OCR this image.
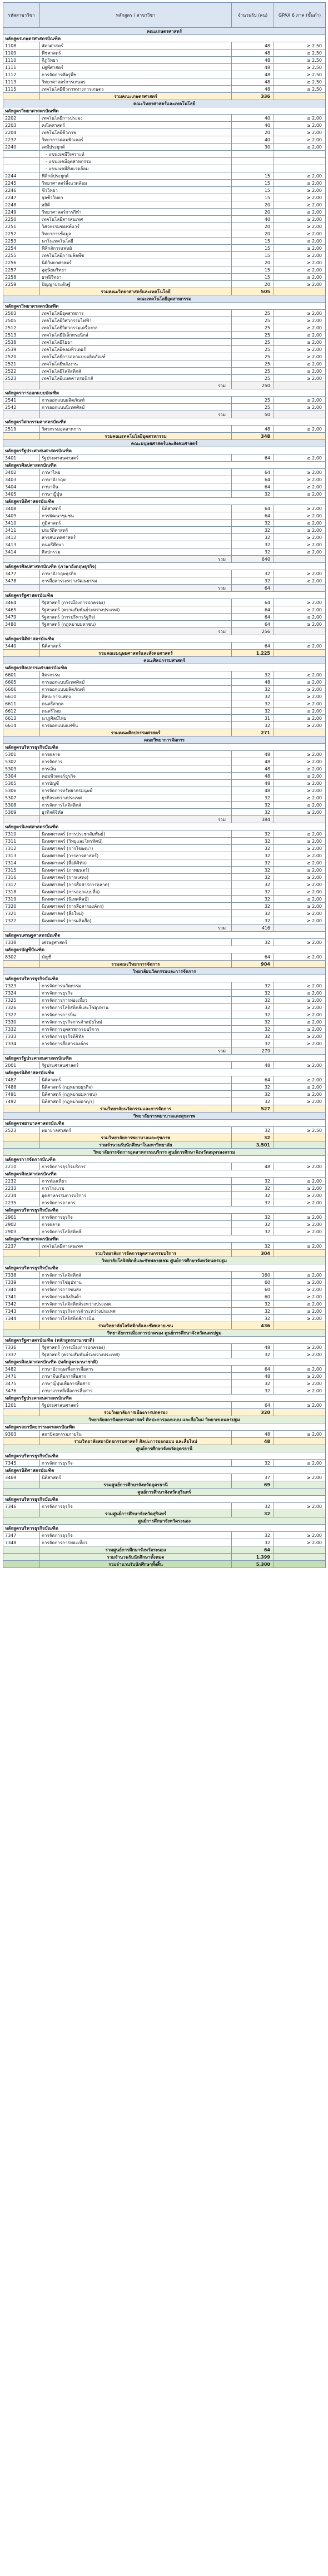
รหัสสาขาวิชา	หลักสูตร / สาขาวิชา	จำนวนรับ (คน)	GPAX 6 ภาค (ขั้นต่ำ)
คณะเกษตรศาสตร์			
หลักสูตรเกษตรศาสตรบัณฑิต			
1108	สัตวศาสตร์	48	≥ 2.50
1109	พืชศาสตร์	48	≥ 2.50
1110	กีฏวิทยา	48	≥ 2.50
1111	ปฐพีศาสตร์	48	≥ 2.50
1112	การจัดการศัตรูพืช	48	≥ 2.50
1113	วิทยาศาสตร์การเกษตร	48	≥ 2.50
1115	เทคโนโลยีชีวภาพทางการเกษตร	48	≥ 2.50
	รวมคณะเกษตรศาสตร์	336	
คณะวิทยาศาสตร์และเทคโนโลยี			
หลักสูตรวิทยาศาสตรบัณฑิต			
2202	เทคโนโลยีการประมง	40	≥ 2.00
2203	คณิตศาสตร์	40	≥ 2.00
2204	เทคโนโลยีชีวภาพ	20	≥ 2.00
2237	วิทยาการคอมพิวเตอร์	40	≥ 2.00
2240	เคมีประยุกต์	30	≥ 2.00
	- แขนงเคมีวิเคราะห์		
	- แขนงเคมีอุตสาหกรรม		
	- แขนงเคมีสิ่งแวดล้อม		
2244	ฟิสิกส์ประยุกต์	15	≥ 2.00
2245	วิทยาศาสตร์สิ่งแวดล้อม	15	≥ 2.00
2246	ชีววิทยา	15	≥ 2.00
2247	จุลชีววิทยา	15	≥ 2.00
2248	สถิติ	20	≥ 2.00
2249	วิทยาศาสตร์การกีฬา	20	≥ 2.00
2250	เทคโนโลยีสารสนเทศ	40	≥ 2.00
2251	วิศวกรรมซอฟต์แวร์	20	≥ 2.00
2252	วิทยาการข้อมูล	20	≥ 2.00
2253	นาโนเทคโนโลยี	15	≥ 2.00
2254	ฟิสิกส์การแพทย์	15	≥ 2.00
2255	เทคโนโลยีการผลิตพืช	15	≥ 2.00
2256	นิติวิทยาศาสตร์	20	≥ 2.00
2257	อุตุนิยมวิทยา	15	≥ 2.00
2258	ธรณีวิทยา	15	≥ 2.00
2259	ปัญญาประดิษฐ์	20	≥ 2.00
	รวมคณะวิทยาศาสตร์และเทคโนโลยี	505	
คณะเทคโนโลยีอุตสาหกรรม			
หลักสูตรวิทยาศาสตรบัณฑิต			
2503	เทคโนโลยีอุตสาหการ	25	≥ 2.00
2505	เทคโนโลยีวิศวกรรมไฟฟ้า	25	≥ 2.00
2512	เทคโนโลยีวิศวกรรมเครื่องกล	25	≥ 2.00
2513	เทคโนโลยีอิเล็กทรอนิกส์	25	≥ 2.00
2538	เทคโนโลยีโยธา	25	≥ 2.00
2539	เทคโนโลยีคอมพิวเตอร์	25	≥ 2.00
2520	เทคโนโลยีการออกแบบผลิตภัณฑ์	25	≥ 2.00
2521	เทคโนโลยีพลังงาน	25	≥ 2.00
2522	เทคโนโลยีโลจิสติกส์	25	≥ 2.00
2523	เทคโนโลยีแมคคาทรอนิกส์	25	≥ 2.00
	รวม	250	
หลักสูตรการออกแบบบัณฑิต			
2541	การออกแบบผลิตภัณฑ์	25	≥ 2.00
2542	การออกแบบนิเทศศิลป์	25	≥ 2.00
	รวม	50	
หลักสูตรวิศวกรรมศาสตรบัณฑิต			
2519	วิศวกรรมอุตสาหการ	48	≥ 2.00
	รวมคณะเทคโนโลยีอุตสาหกรรม	348	
คณะมนุษยศาสตร์และสังคมศาสตร์			
หลักสูตรรัฐประศาสนศาสตรบัณฑิต			
3401	รัฐประศาสนศาสตร์	64	≥ 2.00
หลักสูตรศิลปศาสตรบัณฑิต			
3402	ภาษาไทย	64	≥ 2.00
3403	ภาษาอังกฤษ	64	≥ 2.00
3404	ภาษาจีน	64	≥ 2.00
3405	ภาษาญี่ปุ่น	32	≥ 2.00
หลักสูตรนิติศาสตรบัณฑิต			
3408	นิติศาสตร์	64	≥ 2.00
3409	การพัฒนาชุมชน	64	≥ 2.00
3410	ภูมิศาสตร์	32	≥ 2.00
3411	ประวัติศาสตร์	32	≥ 2.00
3412	สารสนเทศศาสตร์	32	≥ 2.00
3413	ดนตรีศึกษา	32	≥ 2.00
3414	ศิลปกรรม	32	≥ 2.00
	รวม	640	
หลักสูตรศิลปศาสตรบัณฑิต (ภาษาอังกฤษธุรกิจ)			
3477	ภาษาอังกฤษธุรกิจ	32	≥ 2.00
3478	การสื่อสารระหว่างวัฒนธรรม	32	≥ 2.00
	รวม	64	
หลักสูตรรัฐศาสตรบัณฑิต			
3464	รัฐศาสตร์ (การเมืองการปกครอง)	64	≥ 2.00
3465	รัฐศาสตร์ (ความสัมพันธ์ระหว่างประเทศ)	64	≥ 2.00
3479	รัฐศาสตร์ (การบริหารรัฐกิจ)	64	≥ 2.00
3480	รัฐศาสตร์ (กฎหมายมหาชน)	64	≥ 2.00
	รวม	256	
หลักสูตรนิติศาสตรบัณฑิต			
3440	นิติศาสตร์	64	≥ 2.00
	รวมคณะมนุษยศาสตร์และสังคมศาสตร์	1,225	
คณะศิลปกรรมศาสตร์			
หลักสูตรศิลปกรรมศาสตรบัณฑิต			
6601	จิตรกรรม	32	≥ 2.00
6605	การออกแบบนิเทศศิลป์	48	≥ 2.00
6606	การออกแบบผลิตภัณฑ์	32	≥ 2.00
6610	ศิลปะการแสดง	32	≥ 2.00
6611	ดนตรีสากล	32	≥ 2.00
6612	ดนตรีไทย	32	≥ 2.00
6613	นาฏศิลป์ไทย	31	≥ 2.00
6614	การออกแบบแฟชั่น	32	≥ 2.00
	รวมคณะศิลปกรรมศาสตร์	271	
คณะวิทยาการจัดการ			
หลักสูตรบริหารธุรกิจบัณฑิต			
5301	การตลาด	48	≥ 2.00
5302	การจัดการ	48	≥ 2.00
5303	การเงิน	48	≥ 2.00
5304	คอมพิวเตอร์ธุรกิจ	48	≥ 2.00
5305	การบัญชี	48	≥ 2.00
5306	การจัดการทรัพยากรมนุษย์	48	≥ 2.00
5307	ธุรกิจระหว่างประเทศ	32	≥ 2.00
5308	การจัดการโลจิสติกส์	32	≥ 2.00
5309	ธุรกิจดิจิทัล	32	≥ 2.00
	รวม	384	
หลักสูตรนิเทศศาสตรบัณฑิต			
7310	นิเทศศาสตร์ (การประชาสัมพันธ์)	32	≥ 2.00
7311	นิเทศศาสตร์ (วิทยุและโทรทัศน์)	32	≥ 2.00
7312	นิเทศศาสตร์ (การโฆษณา)	32	≥ 2.00
7313	นิเทศศาสตร์ (วารสารศาสตร์)	32	≥ 2.00
7314	นิเทศศาสตร์ (สื่อดิจิทัล)	32	≥ 2.00
7315	นิเทศศาสตร์ (ภาพยนตร์)	32	≥ 2.00
7316	นิเทศศาสตร์ (การแสดง)	32	≥ 2.00
7317	นิเทศศาสตร์ (การสื่อสารการตลาด)	32	≥ 2.00
7318	นิเทศศาสตร์ (การออกแบบสื่อ)	32	≥ 2.00
7319	นิเทศศาสตร์ (นิเทศศิลป์)	32	≥ 2.00
7320	นิเทศศาสตร์ (การสื่อสารองค์กร)	32	≥ 2.00
7321	นิเทศศาสตร์ (สื่อใหม่)	32	≥ 2.00
7322	นิเทศศาสตร์ (การผลิตสื่อ)	32	≥ 2.00
	รวม	416	
หลักสูตรเศรษฐศาสตรบัณฑิต			
7338	เศรษฐศาสตร์	32	≥ 2.00
หลักสูตรบัญชีบัณฑิต			
8302	บัญชี	64	≥ 2.00
	รวมคณะวิทยาการจัดการ	904	
วิทยาลัยนวัตกรรมและการจัดการ			
หลักสูตรบริหารธุรกิจบัณฑิต			
7323	การจัดการนวัตกรรม	32	≥ 2.00
7324	การจัดการธุรกิจ	32	≥ 2.00
7325	การจัดการการท่องเที่ยว	32	≥ 2.00
7326	การจัดการโลจิสติกส์และโซ่อุปทาน	32	≥ 2.00
7327	การจัดการการบิน	32	≥ 2.00
7330	การจัดการธุรกิจการค้าสมัยใหม่	32	≥ 2.00
7332	การจัดการอุตสาหกรรมบริการ	32	≥ 2.00
7333	การจัดการธุรกิจดิจิทัล	32	≥ 2.00
7334	การจัดการสื่อสารองค์กร	32	≥ 2.00
	รวม	279	
หลักสูตรรัฐประศาสนศาสตรบัณฑิต			
2001	รัฐประศาสนศาสตร์	48	≥ 2.00
หลักสูตรนิติศาสตรบัณฑิต			
7487	นิติศาสตร์	64	≥ 2.00
7488	นิติศาสตร์ (กฎหมายธุรกิจ)	32	≥ 2.00
7491	นิติศาสตร์ (กฎหมายมหาชน)	32	≥ 2.00
7492	นิติศาสตร์ (กฎหมายอาญา)	32	≥ 2.00
	รวมวิทยาลัยนวัตกรรมและการจัดการ	527	
วิทยาลัยการพยาบาลและสุขภาพ			
หลักสูตรพยาบาลศาสตรบัณฑิต			
2523	พยาบาลศาสตร์	32	≥ 2.50
	รวมวิทยาลัยการพยาบาลและสุขภาพ	32	
	รวมจำนวนรับนักศึกษาในมหาวิทยาลัย	3,501	
วิทยาลัยการจัดการอุตสาหกรรมบริการ ศูนย์การศึกษาจังหวัดสมุทรสงคราม			
หลักสูตรการจัดการบัณฑิต			
2210	การจัดการธุรกิจบริการ	48	≥ 2.00
หลักสูตรศิลปศาสตรบัณฑิต			
2232	การท่องเที่ยว	32	≥ 2.00
2233	การโรงแรม	32	≥ 2.00
2234	อุตสาหกรรมการบริการ	32	≥ 2.00
2235	การจัดการอาหาร	32	≥ 2.00
หลักสูตรบริหารธุรกิจบัณฑิต			
2901	การจัดการธุรกิจ	32	≥ 2.00
2902	การตลาด	32	≥ 2.00
2903	การจัดการโลจิสติกส์	32	≥ 2.00
หลักสูตรวิทยาศาสตรบัณฑิต			
2237	เทคโนโลยีสารสนเทศ	32	≥ 2.00
	รวมวิทยาลัยการจัดการอุตสาหกรรมบริการ	304	
วิทยาลัยโลจิสติกส์และซัพพลายเชน ศูนย์การศึกษาจังหวัดนครปฐม			
หลักสูตรบริหารธุรกิจบัณฑิต			
7338	การจัดการโลจิสติกส์	160	≥ 2.00
7339	การจัดการโซ่อุปทาน	60	≥ 2.00
7340	การจัดการการขนส่ง	60	≥ 2.00
7341	การจัดการคลังสินค้า	60	≥ 2.00
7342	การจัดการโลจิสติกส์ระหว่างประเทศ	32	≥ 2.00
7343	การจัดการธุรกิจการค้าระหว่างประเทศ	32	≥ 2.00
7344	การจัดการโลจิสติกส์การบิน	32	≥ 2.00
	รวมวิทยาลัยโลจิสติกส์และซัพพลายเชน	436	
วิทยาลัยการเมืองการปกครอง ศูนย์การศึกษาจังหวัดนครปฐม			
หลักสูตรรัฐศาสตรบัณฑิต (หลักสูตรนานาชาติ)			
7336	รัฐศาสตร์ (การเมืองการปกครอง)	48	≥ 2.00
7337	รัฐศาสตร์ (ความสัมพันธ์ระหว่างประเทศ)	32	≥ 2.00
หลักสูตรศิลปศาสตรบัณฑิต (หลักสูตรนานาชาติ)			
3482	ภาษาอังกฤษเพื่อการสื่อสาร	64	≥ 2.00
3471	ภาษาจีนเพื่อการสื่อสาร	48	≥ 2.00
3475	ภาษาญี่ปุ่นเพื่อการสื่อสาร	32	≥ 2.00
3476	ภาษาเกาหลีเพื่อการสื่อสาร	32	≥ 2.00
หลักสูตรรัฐประศาสนศาสตรบัณฑิต			
1201	รัฐประศาสนศาสตร์	64	≥ 2.00
	รวมวิทยาลัยการเมืองการปกครอง	320	
วิทยาลัยสถาปัตยกรรมศาสตร์ ศิลปะการออกแบบ และสื่อใหม่ วิทยาเขตนครปฐม			
หลักสูตรสถาปัตยกรรมศาสตรบัณฑิต			
9303	สถาปัตยกรรมภายใน	48	≥ 2.00
	รวมวิทยาลัยสถาปัตยกรรมศาสตร์ ศิลปะการออกแบบ และสื่อใหม่	48	
ศูนย์การศึกษาจังหวัดอุดรธานี			
หลักสูตรบริหารธุรกิจบัณฑิต			
7345	การจัดการธุรกิจ	32	≥ 2.00
หลักสูตรนิติศาสตรบัณฑิต			
3469	นิติศาสตร์	37	≥ 2.00
	รวมศูนย์การศึกษาจังหวัดอุดรธานี	69	
ศูนย์การศึกษาจังหวัดสุรินทร์			
หลักสูตรบริหารธุรกิจบัณฑิต			
7346	การจัดการธุรกิจ	32	≥ 2.00
	รวมศูนย์การศึกษาจังหวัดสุรินทร์	32	
ศูนย์การศึกษาจังหวัดระนอง			
หลักสูตรบริหารธุรกิจบัณฑิต			
7347	การจัดการธุรกิจ	32	≥ 2.00
7348	การจัดการการท่องเที่ยว	32	≥ 2.00
	รวมศูนย์การศึกษาจังหวัดระนอง	64	
	รวมจำนวนรับนักศึกษาทั้งหมด	1,399	
	รวมจำนวนรับนักศึกษาทั้งสิ้น	5,300	
